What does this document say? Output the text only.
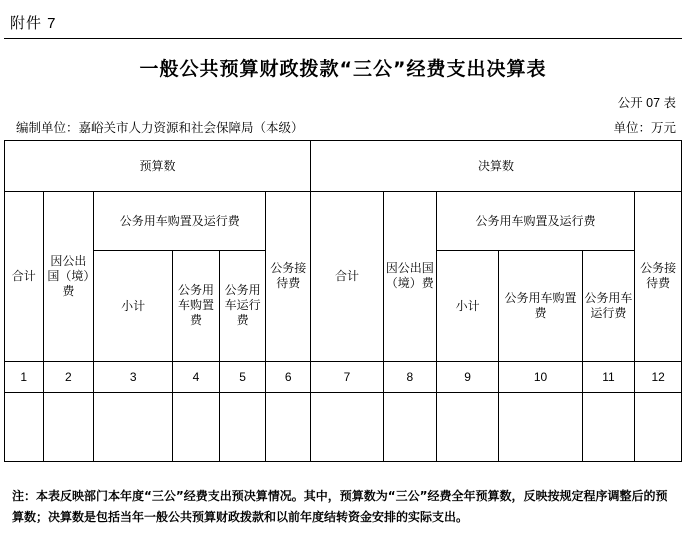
附件 7
一般公共预算财政拨款“三公”经费支出决算表
公开 07 表
编制单位：嘉峪关市人力资源和社会保障局（本级）	单位：万元
预算数						决算数					
合计	因公出国（境）费	公务用车购置及运行费			公务接待费	合计	因公出国（境）费	公务用车购置及运行费			公务接待费
		小计	公务用车购置费	公务用车运行费				小计	公务用车购置费	公务用车运行费	
1	2	3	4	5	6	7	8	9	10	11	12

注：本表反映部门本年度“三公”经费支出预决算情况。其中，预算数为“三公”经费全年预算数，反映按规定程序调整后的预算数；决算数是包括当年一般公共预算财政拨款和以前年度结转资金安排的实际支出。
